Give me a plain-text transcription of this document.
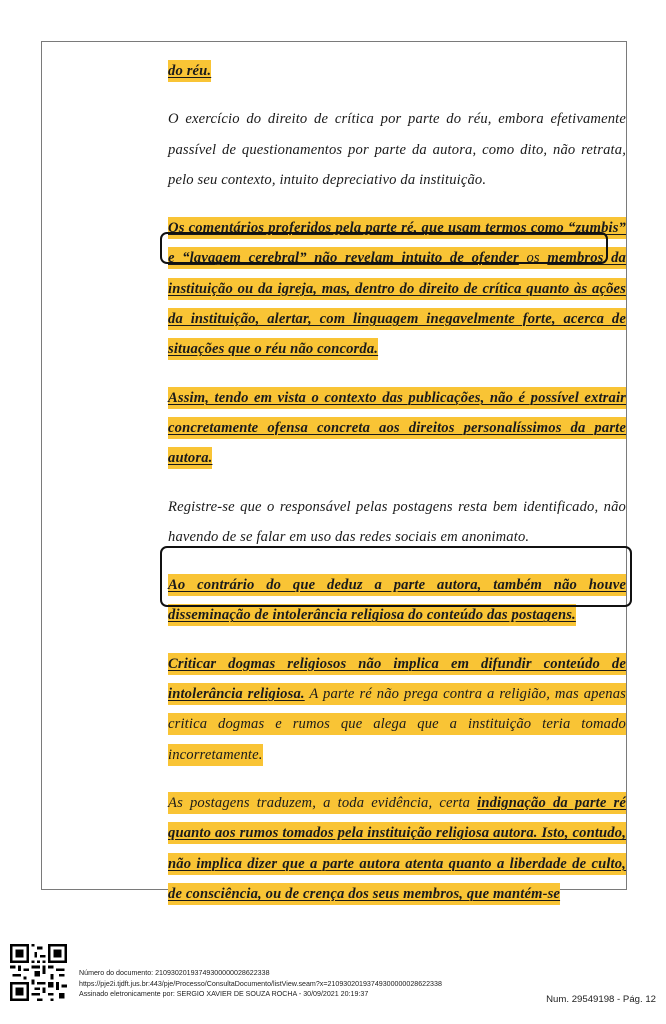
do réu.

O exercício do direito de crítica por parte do réu, embora efetivamente passível de questionamentos por parte da autora, como dito, não retrata, pelo seu contexto, intuito depreciativo da instituição.

Os comentários proferidos pela parte ré, que usam termos como “zumbis” e “lavagem cerebral” não revelam intuito de ofender os membros da instituição ou da igreja, mas, dentro do direito de crítica quanto às ações da instituição, alertar, com linguagem inegavelmente forte, acerca de situações que o réu não concorda.

Assim, tendo em vista o contexto das publicações, não é possível extrair concretamente ofensa concreta aos direitos personalíssimos da parte autora.

Registre-se que o responsável pelas postagens resta bem identificado, não havendo de se falar em uso das redes sociais em anonimato.

Ao contrário do que deduz a parte autora, também não houve disseminação de intolerância religiosa do conteúdo das postagens.

Criticar dogmas religiosos não implica em difundir conteúdo de intolerância religiosa. A parte ré não prega contra a religião, mas apenas critica dogmas e rumos que alega que a instituição teria tomado incorretamente.

As postagens traduzem, a toda evidência, certa indignação da parte ré quanto aos rumos tomados pela instituição religiosa autora. Isto, contudo, não implica dizer que a parte autora atenta quanto a liberdade de culto, de consciência, ou de crença dos seus membros, que mantém-se

Número do documento: 21093020193749300000028622338
https://pje2i.tjdft.jus.br:443/pje/Processo/ConsultaDocumento/listView.seam?x=21093020193749300000028622338
Assinado eletronicamente por: SERGIO XAVIER DE SOUZA ROCHA - 30/09/2021 20:19:37	Num. 29549198 - Pág. 12
